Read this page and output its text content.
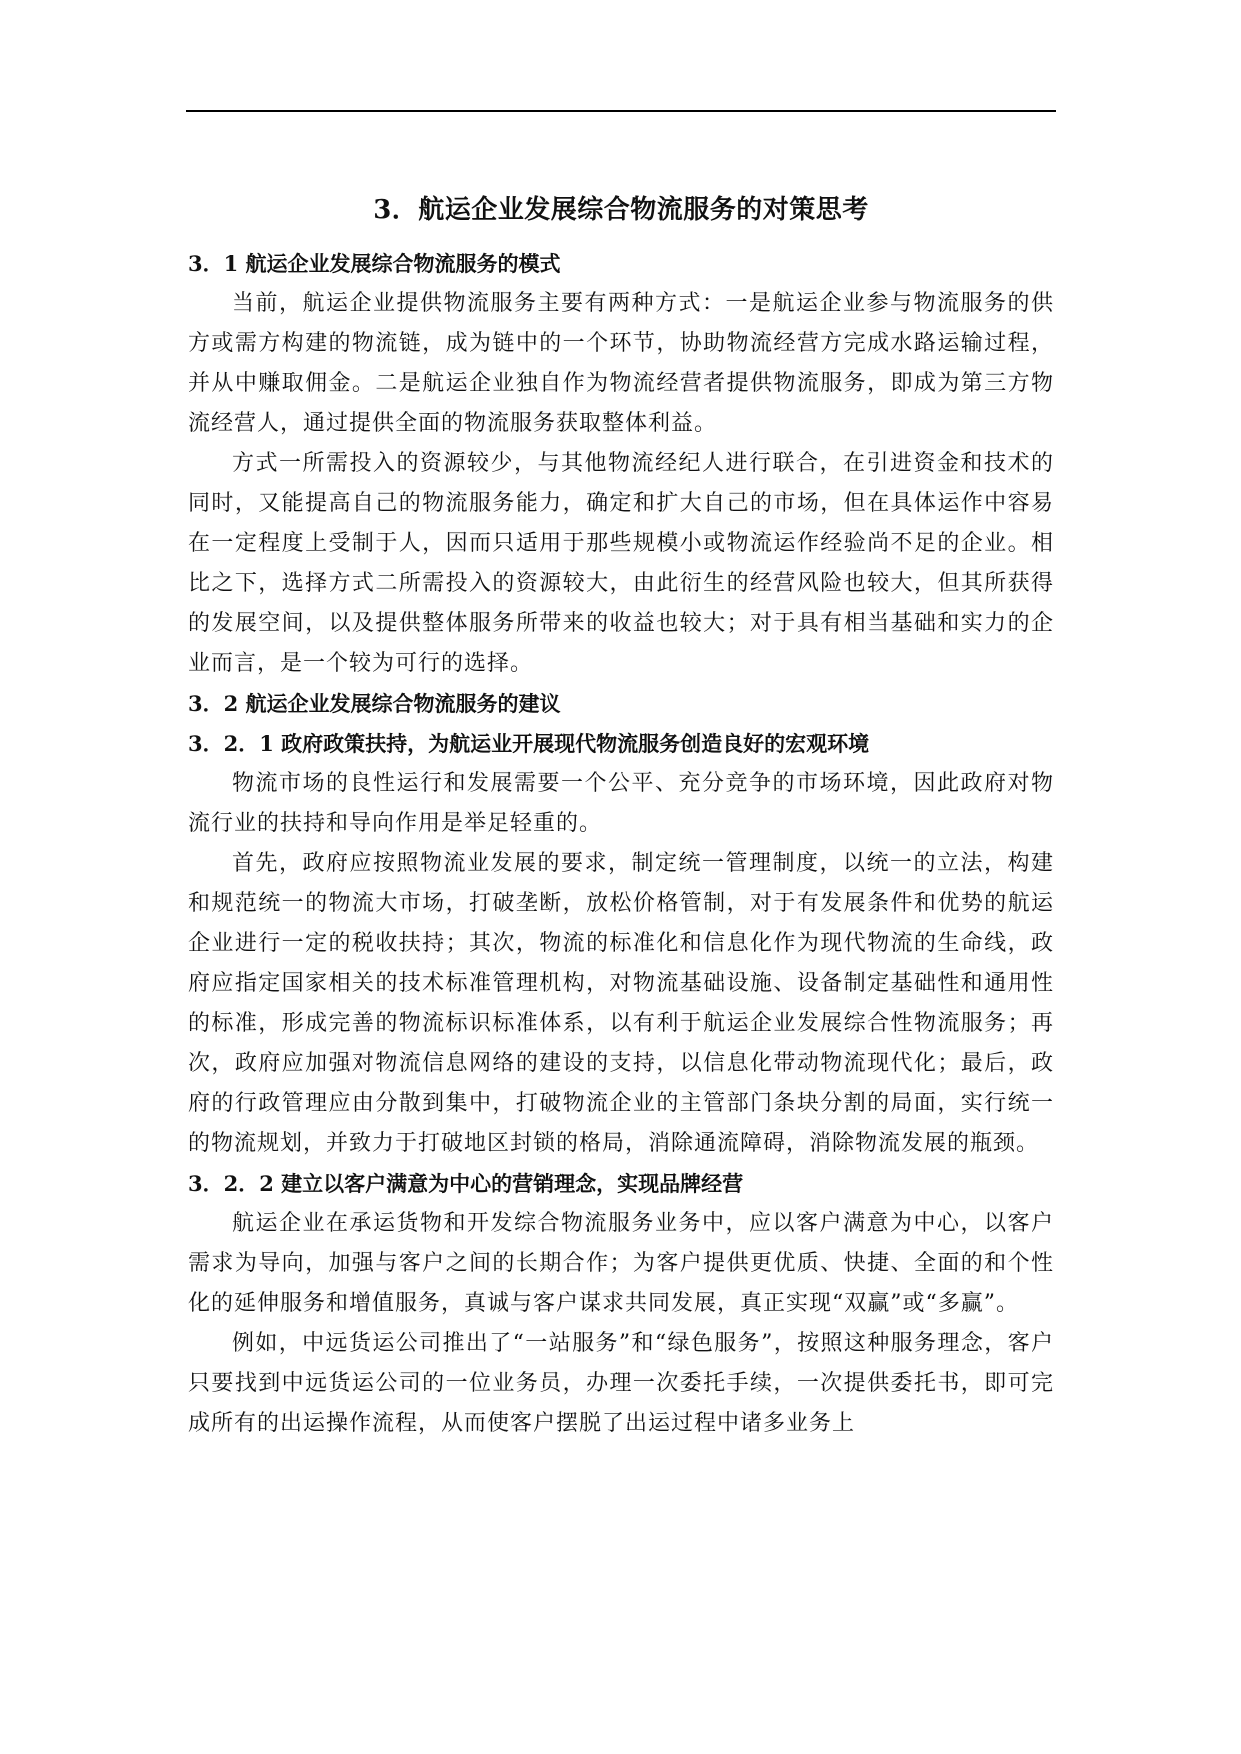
3．航运企业发展综合物流服务的对策思考
3．1 航运企业发展综合物流服务的模式

当前，航运企业提供物流服务主要有两种方式：一是航运企业参与物流服务的供方或需方构建的物流链，成为链中的一个环节，协助物流经营方完成水路运输过程，并从中赚取佣金。二是航运企业独自作为物流经营者提供物流服务，即成为第三方物流经营人，通过提供全面的物流服务获取整体利益。

方式一所需投入的资源较少，与其他物流经纪人进行联合，在引进资金和技术的同时，又能提高自己的物流服务能力，确定和扩大自己的市场，但在具体运作中容易在一定程度上受制于人，因而只适用于那些规模小或物流运作经验尚不足的企业。相比之下，选择方式二所需投入的资源较大，由此衍生的经营风险也较大，但其所获得的发展空间，以及提供整体服务所带来的收益也较大；对于具有相当基础和实力的企业而言，是一个较为可行的选择。

3．2 航运企业发展综合物流服务的建议
3．2．1 政府政策扶持，为航运业开展现代物流服务创造良好的宏观环境

物流市场的良性运行和发展需要一个公平、充分竞争的市场环境，因此政府对物流行业的扶持和导向作用是举足轻重的。

首先，政府应按照物流业发展的要求，制定统一管理制度，以统一的立法，构建和规范统一的物流大市场，打破垄断，放松价格管制，对于有发展条件和优势的航运企业进行一定的税收扶持；其次，物流的标准化和信息化作为现代物流的生命线，政府应指定国家相关的技术标准管理机构，对物流基础设施、设备制定基础性和通用性的标准，形成完善的物流标识标准体系，以有利于航运企业发展综合性物流服务；再次，政府应加强对物流信息网络的建设的支持，以信息化带动物流现代化；最后，政府的行政管理应由分散到集中，打破物流企业的主管部门条块分割的局面，实行统一的物流规划，并致力于打破地区封锁的格局，消除通流障碍，消除物流发展的瓶颈。

3．2．2 建立以客户满意为中心的营销理念，实现品牌经营

航运企业在承运货物和开发综合物流服务业务中，应以客户满意为中心，以客户需求为导向，加强与客户之间的长期合作；为客户提供更优质、快捷、全面的和个性化的延伸服务和增值服务，真诚与客户谋求共同发展，真正实现“双赢”或“多赢”。

例如，中远货运公司推出了“一站服务”和“绿色服务”，按照这种服务理念，客户只要找到中远货运公司的一位业务员，办理一次委托手续，一次提供委托书，即可完成所有的出运操作流程，从而使客户摆脱了出运过程中诸多业务上
